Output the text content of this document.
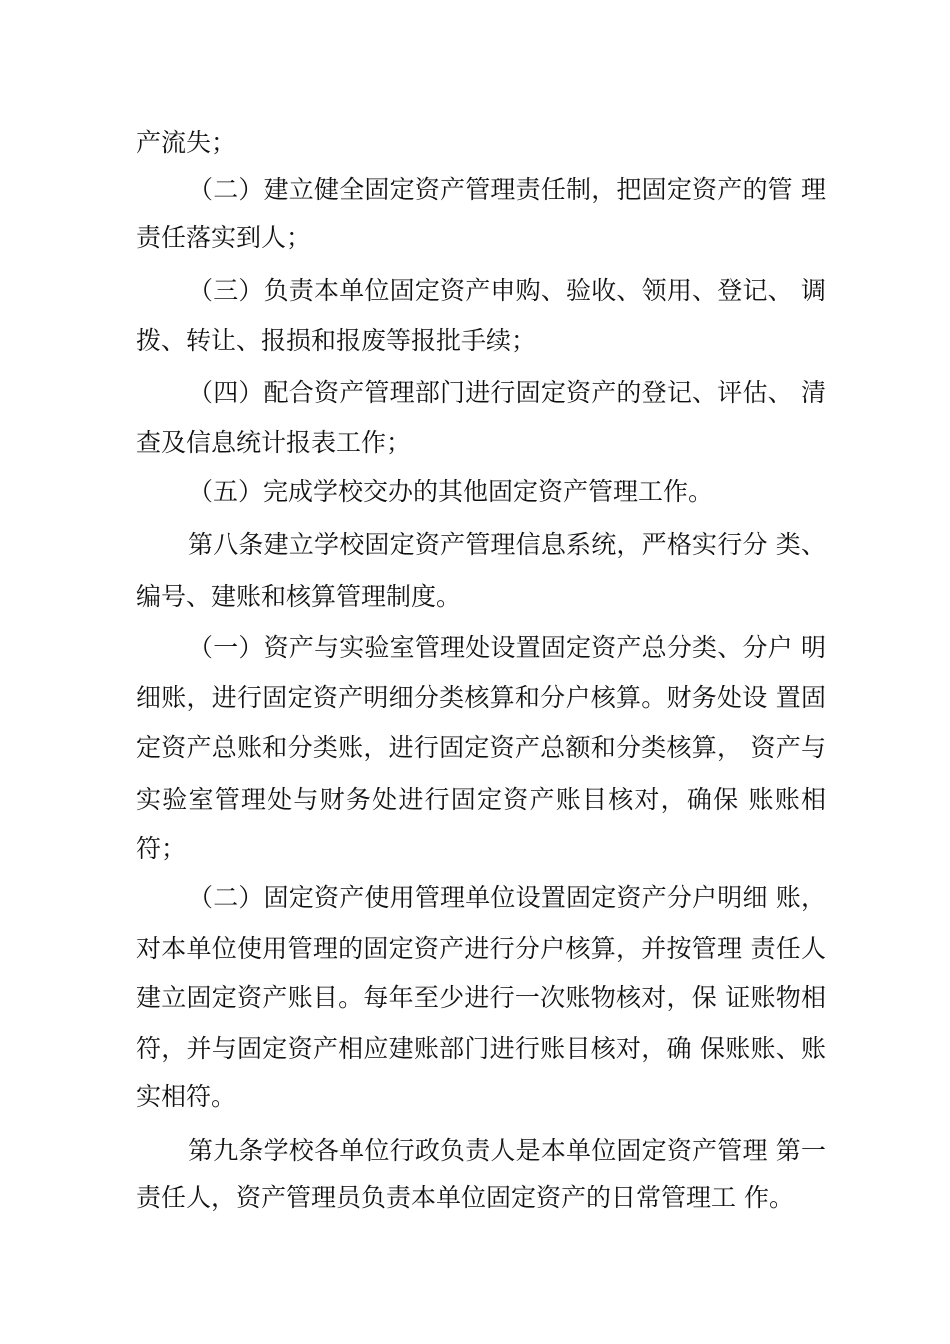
产流失；

（二）建立健全固定资产管理责任制，把固定资产的管 理

责任落实到人；

（三）负责本单位固定资产申购、验收、领用、登记、 调

拨、转让、报损和报废等报批手续；

（四）配合资产管理部门进行固定资产的登记、评估、 清

查及信息统计报表工作；

（五）完成学校交办的其他固定资产管理工作。

第八条建立学校固定资产管理信息系统，严格实行分 类、

编号、建账和核算管理制度。

（一）资产与实验室管理处设置固定资产总分类、分户 明

细账，进行固定资产明细分类核算和分户核算。财务处设 置固

定资产总账和分类账，进行固定资产总额和分类核算， 资产与

实验室管理处与财务处进行固定资产账目核对，确保 账账相

符；

（二）固定资产使用管理单位设置固定资产分户明细 账，

对本单位使用管理的固定资产进行分户核算，并按管理 责任人

建立固定资产账目。每年至少进行一次账物核对，保 证账物相

符，并与固定资产相应建账部门进行账目核对，确 保账账、账

实相符。

第九条学校各单位行政负责人是本单位固定资产管理 第一

责任人，资产管理员负责本单位固定资产的日常管理工 作。
